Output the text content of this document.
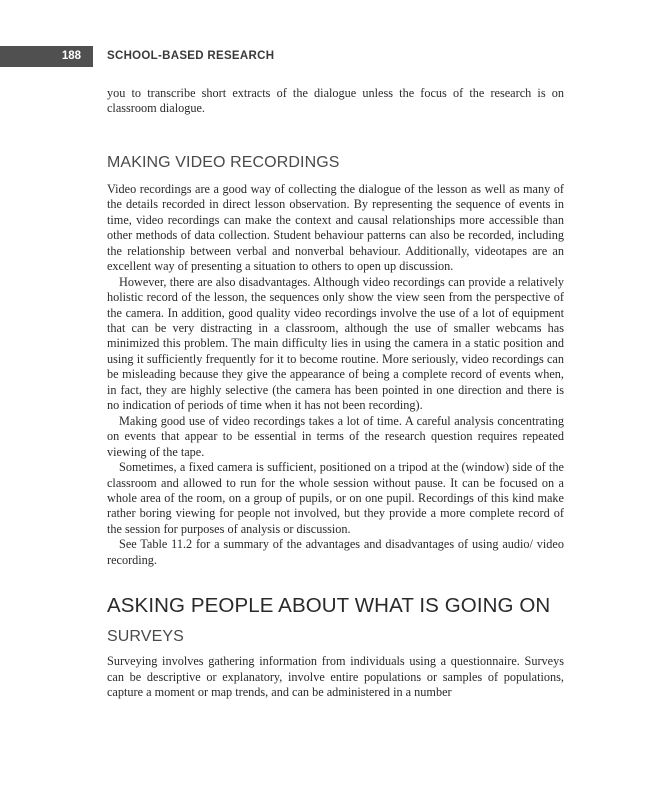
188 SCHOOL-BASED RESEARCH

you to transcribe short extracts of the dialogue unless the focus of the research is on classroom dialogue.

MAKING VIDEO RECORDINGS

Video recordings are a good way of collecting the dialogue of the lesson as well as many of the details recorded in direct lesson observation. By representing the sequence of events in time, video recordings can make the context and causal relationships more accessible than other methods of data collection. Student behaviour patterns can also be recorded, including the relationship between verbal and nonverbal behaviour. Additionally, videotapes are an excellent way of presenting a situation to others to open up discussion.

However, there are also disadvantages. Although video recordings can provide a relatively holistic record of the lesson, the sequences only show the view seen from the perspective of the camera. In addition, good quality video recordings involve the use of a lot of equipment that can be very distracting in a classroom, although the use of smaller webcams has minimized this problem. The main difficulty lies in using the camera in a static position and using it sufficiently frequently for it to become routine. More seriously, video recordings can be misleading because they give the appearance of being a complete record of events when, in fact, they are highly selective (the camera has been pointed in one direction and there is no indication of periods of time when it has not been recording).

Making good use of video recordings takes a lot of time. A careful analysis concentrating on events that appear to be essential in terms of the research question requires repeated viewing of the tape.

Sometimes, a fixed camera is sufficient, positioned on a tripod at the (window) side of the classroom and allowed to run for the whole session without pause. It can be focused on a whole area of the room, on a group of pupils, or on one pupil. Recordings of this kind make rather boring viewing for people not involved, but they provide a more complete record of the session for purposes of analysis or discussion.

See Table 11.2 for a summary of the advantages and disadvantages of using audio/ video recording.

ASKING PEOPLE ABOUT WHAT IS GOING ON
SURVEYS

Surveying involves gathering information from individuals using a questionnaire. Surveys can be descriptive or explanatory, involve entire populations or samples of populations, capture a moment or map trends, and can be administered in a number
